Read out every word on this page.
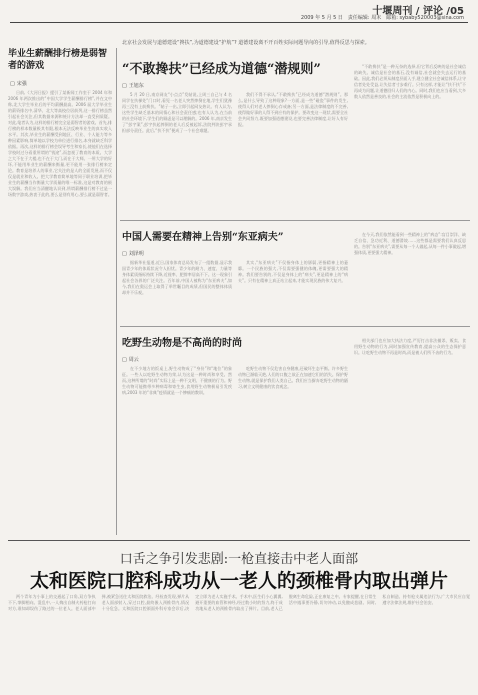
十堰周刊 / 评论 /05
2009 年 5 月 5 日　责任编辑: 周末　邮箱: sybaby520003@sina.com
毕业生薪酬排行榜是弱智者的游戏
□ 宋强

日前,《大河日报》援引了某新闻工作室于 2004 年和 2006 年两次推出的“中国大学学生薪酬排行榜”,并在文中称,北大学生毕业后的平均薪酬最高。2006 届大学毕业生的薪资排名中,清华、北大等高校位居前列,这一排行榜虽然引起社会关注,但其数据来源和统计方法却一直受到质疑。对此,笔者认为,这样的排行榜完全是弱智者的游戏。首先,排行榜的样本数量极其有限,根本无法反映毕业生的真实收入水平。其次,毕业生的薪酬受到地区、行业、个人能力等多种因素影响,简单地以学校为单位进行排名,本身就缺乏科学依据。再次,这样的排行榜会误导考生和家长,使他们在选择学校时过分看重所谓的“钱途”,而忽视了教育的本质。大学之大不在于大楼,也不在于大门,而在于大师。一所大学的好坏,不能用毕业生的薪酬来衡量,更不能用一张排行榜来定论。教育是培养人的事业,它关注的是人的全面发展,而不仅仅是就业和收入。把大学教育简单地等同于职业培训,把毕业生的薪酬当作衡量大学质量的唯一标准,这是对教育的极大误解。我们应当清醒地认识到,所谓薪酬排行榜不过是一场数字游戏,热衷于此的,要么是别有用心,要么就是弱智者。

北京社会发展与道德建设“搀扶”,为道德建设“护航”? 道德建设离不开百姓实际问题导向的引导,值得反思与探索。
“不敢搀扶”已经成为道德“潜规则”
□ 王旭东

5 月 20 日,南京网友“小点点”发帖说,上周三自己与 4 名同学在扶梯处“门口时,看见一名老人突然摔倒在地,学生们犹豫再三没有上前搀扶。”帖子一出,立即引起网友热议。有人认为,这些学生缺乏基本的同情心和社会责任感;也有人认为,在当前的社会环境下,学生们的顾虑是可以理解的。2006 年,南京发生了“彭宇案”,彭宇扶起摔倒的老人后反被起诉,法院判决彭宇承担部分责任。此后,“扶不扶”便成了一个社会难题。

我们不得不承认,“不敢搀扶”已经成为道德“潜规则”。那么,是什么导致了这种现象?一方面,是一些“碰瓷”事件的发生,使得人们对老人摔倒心存戒备;另一方面,是法律制度的不完善,使得做好事的人得不到应有的保护。要改变这一现状,需要全社会共同努力,既要加强道德建设,也要完善法律制度,让好人有好报。

“不敢搀扶”是一种无奈的选择,但它背后反映的是社会诚信的缺失。诚信是社会的基石,没有诚信,社会就会失去运行的基础。因此,我们必须从制度层面入手,建立健全社会诚信体系,让守信者处处受益,让失信者寸步难行。只有这样,才能让“扶不扶”不再成为问题,让道德回归人们的内心。同时,我们也应当看到,大多数人依然是善良的,社会的主流依然是积极向上的。

中国人需要在精神上告别“东亚病夫”
□ 刘泽明

据新华社报道,近日,国家体育总局发布了一组数据,显示我国青少年的体质状况令人担忧。青少年的耐力、速度、力量等身体素质指标持续下降,近视率、肥胖率居高不下。这一现象引起社会各界的广泛关注。百年前,中国人被称为“东亚病夫”,如今,我们在奥运会上取得了举世瞩目的成绩,但国民的整体体质却并不乐观。

其实,“东亚病夫”不仅指身体上的孱弱,更指精神上的萎靡。一个民族的强大,不仅需要强健的体魄,更需要强大的精神。我们要告别的,不仅是身体上的“病夫”,更是精神上的“病夫”。只有在精神上真正站立起来,才能实现民族的伟大复兴。

在今天,我们依然能看到一些精神上的“病态”:盲目崇洋、缺乏自信、急功近利、道德滑坡……这些都是需要我们认真反思的。告别“东亚病夫”,需要从每一个人做起,从每一件小事做起,增强体质,更要强大精神。

吃野生动物是不高尚的时尚
□ 周云

在不少地方的饭桌上,野生动物成了“身份”和“地位”的象征。一些人以吃野生动物为荣,认为这是一种时尚和享受。然而,这种所谓的“时尚”实际上是一种不文明、不健康的行为。野生动物可能携带多种病毒和寄生虫,食用野生动物极易引发疾病,2003 年的“非典”疫情就是一个惨痛的教训。

吃野生动物不仅危害自身健康,还破坏生态平衡。许多野生动物已濒临灭绝,人们的口腹之欲正在加速它们的消失。保护野生动物,就是保护我们人类自己。我们应当摒弃吃野生动物的陋习,树立文明健康的饮食观念。

相关部门也应加大执法力度,严厉打击非法捕杀、贩卖、食用野生动物的行为,同时加强宣传教育,提高公众的生态保护意识。让吃野生动物不再是时尚,而是被人们所不齿的行为。

口舌之争引发悲剧:一枪直接击中老人面部
太和医院口腔科成功从一老人的颈椎骨内取出弹片

两个青年为小事上的交通起了口角,双方争执不下,拳脚相向。混乱中,一人掏出自制火药枪打向对方,谁知却误伤了路过的一位老人。老人面部中弹,被紧急送往太和医院救治。经检查发现,弹片从老人面部射入,穿过口腔,最终嵌入颈椎骨内,情况十分危急。太和医院口腔颌面外科专家会诊后,决定立即为老人实施手术。手术中,医生们小心翼翼,避开重要的血管和神经,经过数小时的努力,终于成功地从老人的颈椎骨内取出了弹片。目前,老人已脱离生命危险,正在康复之中。专家提醒,在日常生活中遇事要冷静,切勿冲动,以免酿成悲剧。同时,私自制造、持有枪支属违法行为,广大市民应自觉遵守法律法规,维护社会治安。
